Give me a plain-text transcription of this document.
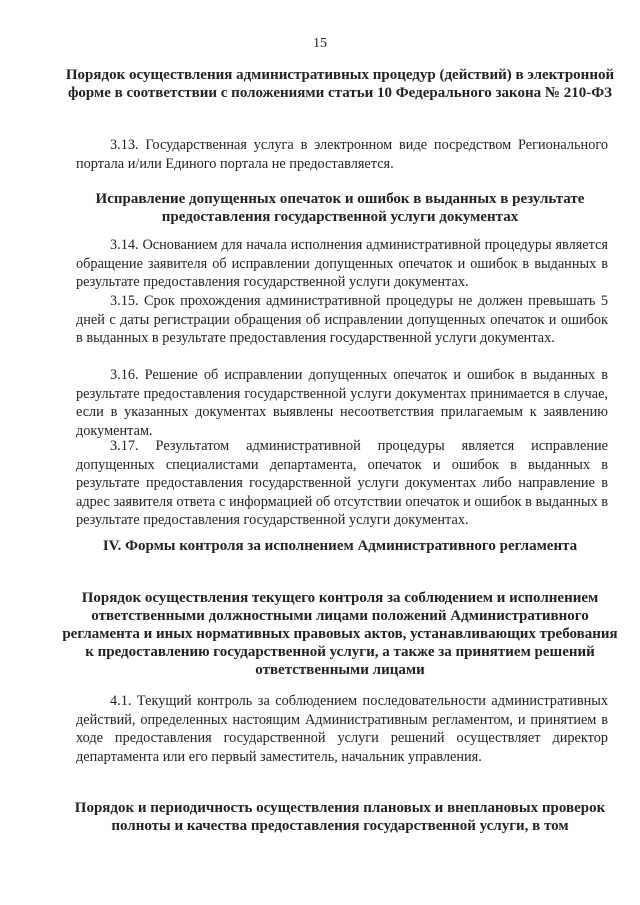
15
Порядок осуществления административных процедур (действий) в электронной форме в соответствии с положениями статьи 10 Федерального закона № 210-ФЗ

3.13. Государственная услуга в электронном виде посредством Регионального портала и/или Единого портала не предоставляется.

Исправление допущенных опечаток и ошибок в выданных в результате предоставления государственной услуги документах

3.14. Основанием для начала исполнения административной процедуры является обращение заявителя об исправлении допущенных опечаток и ошибок в выданных в результате предоставления государственной услуги документах.

3.15. Срок прохождения административной процедуры не должен превышать 5 дней с даты регистрации обращения об исправлении допущенных опечаток и ошибок в выданных в результате предоставления государственной услуги документах.

3.16. Решение об исправлении допущенных опечаток и ошибок в выданных в результате предоставления государственной услуги документах принимается в случае, если в указанных документах выявлены несоответствия прилагаемым к заявлению документам.

3.17. Результатом административной процедуры является исправление допущенных специалистами департамента, опечаток и ошибок в выданных в результате предоставления государственной услуги документах либо направление в адрес заявителя ответа с информацией об отсутствии опечаток и ошибок в выданных в результате предоставления государственной услуги документах.

IV. Формы контроля за исполнением Административного регламента
Порядок осуществления текущего контроля за соблюдением и исполнением ответственными должностными лицами положений Административного регламента и иных нормативных правовых актов, устанавливающих требования к предоставлению государственной услуги, а также за принятием решений ответственными лицами

4.1. Текущий контроль за соблюдением последовательности административных действий, определенных настоящим Административным регламентом, и принятием в ходе предоставления государственной услуги решений осуществляет директор департамента или его первый заместитель, начальник управления.

Порядок и периодичность осуществления плановых и внеплановых проверок полноты и качества предоставления государственной услуги, в том
